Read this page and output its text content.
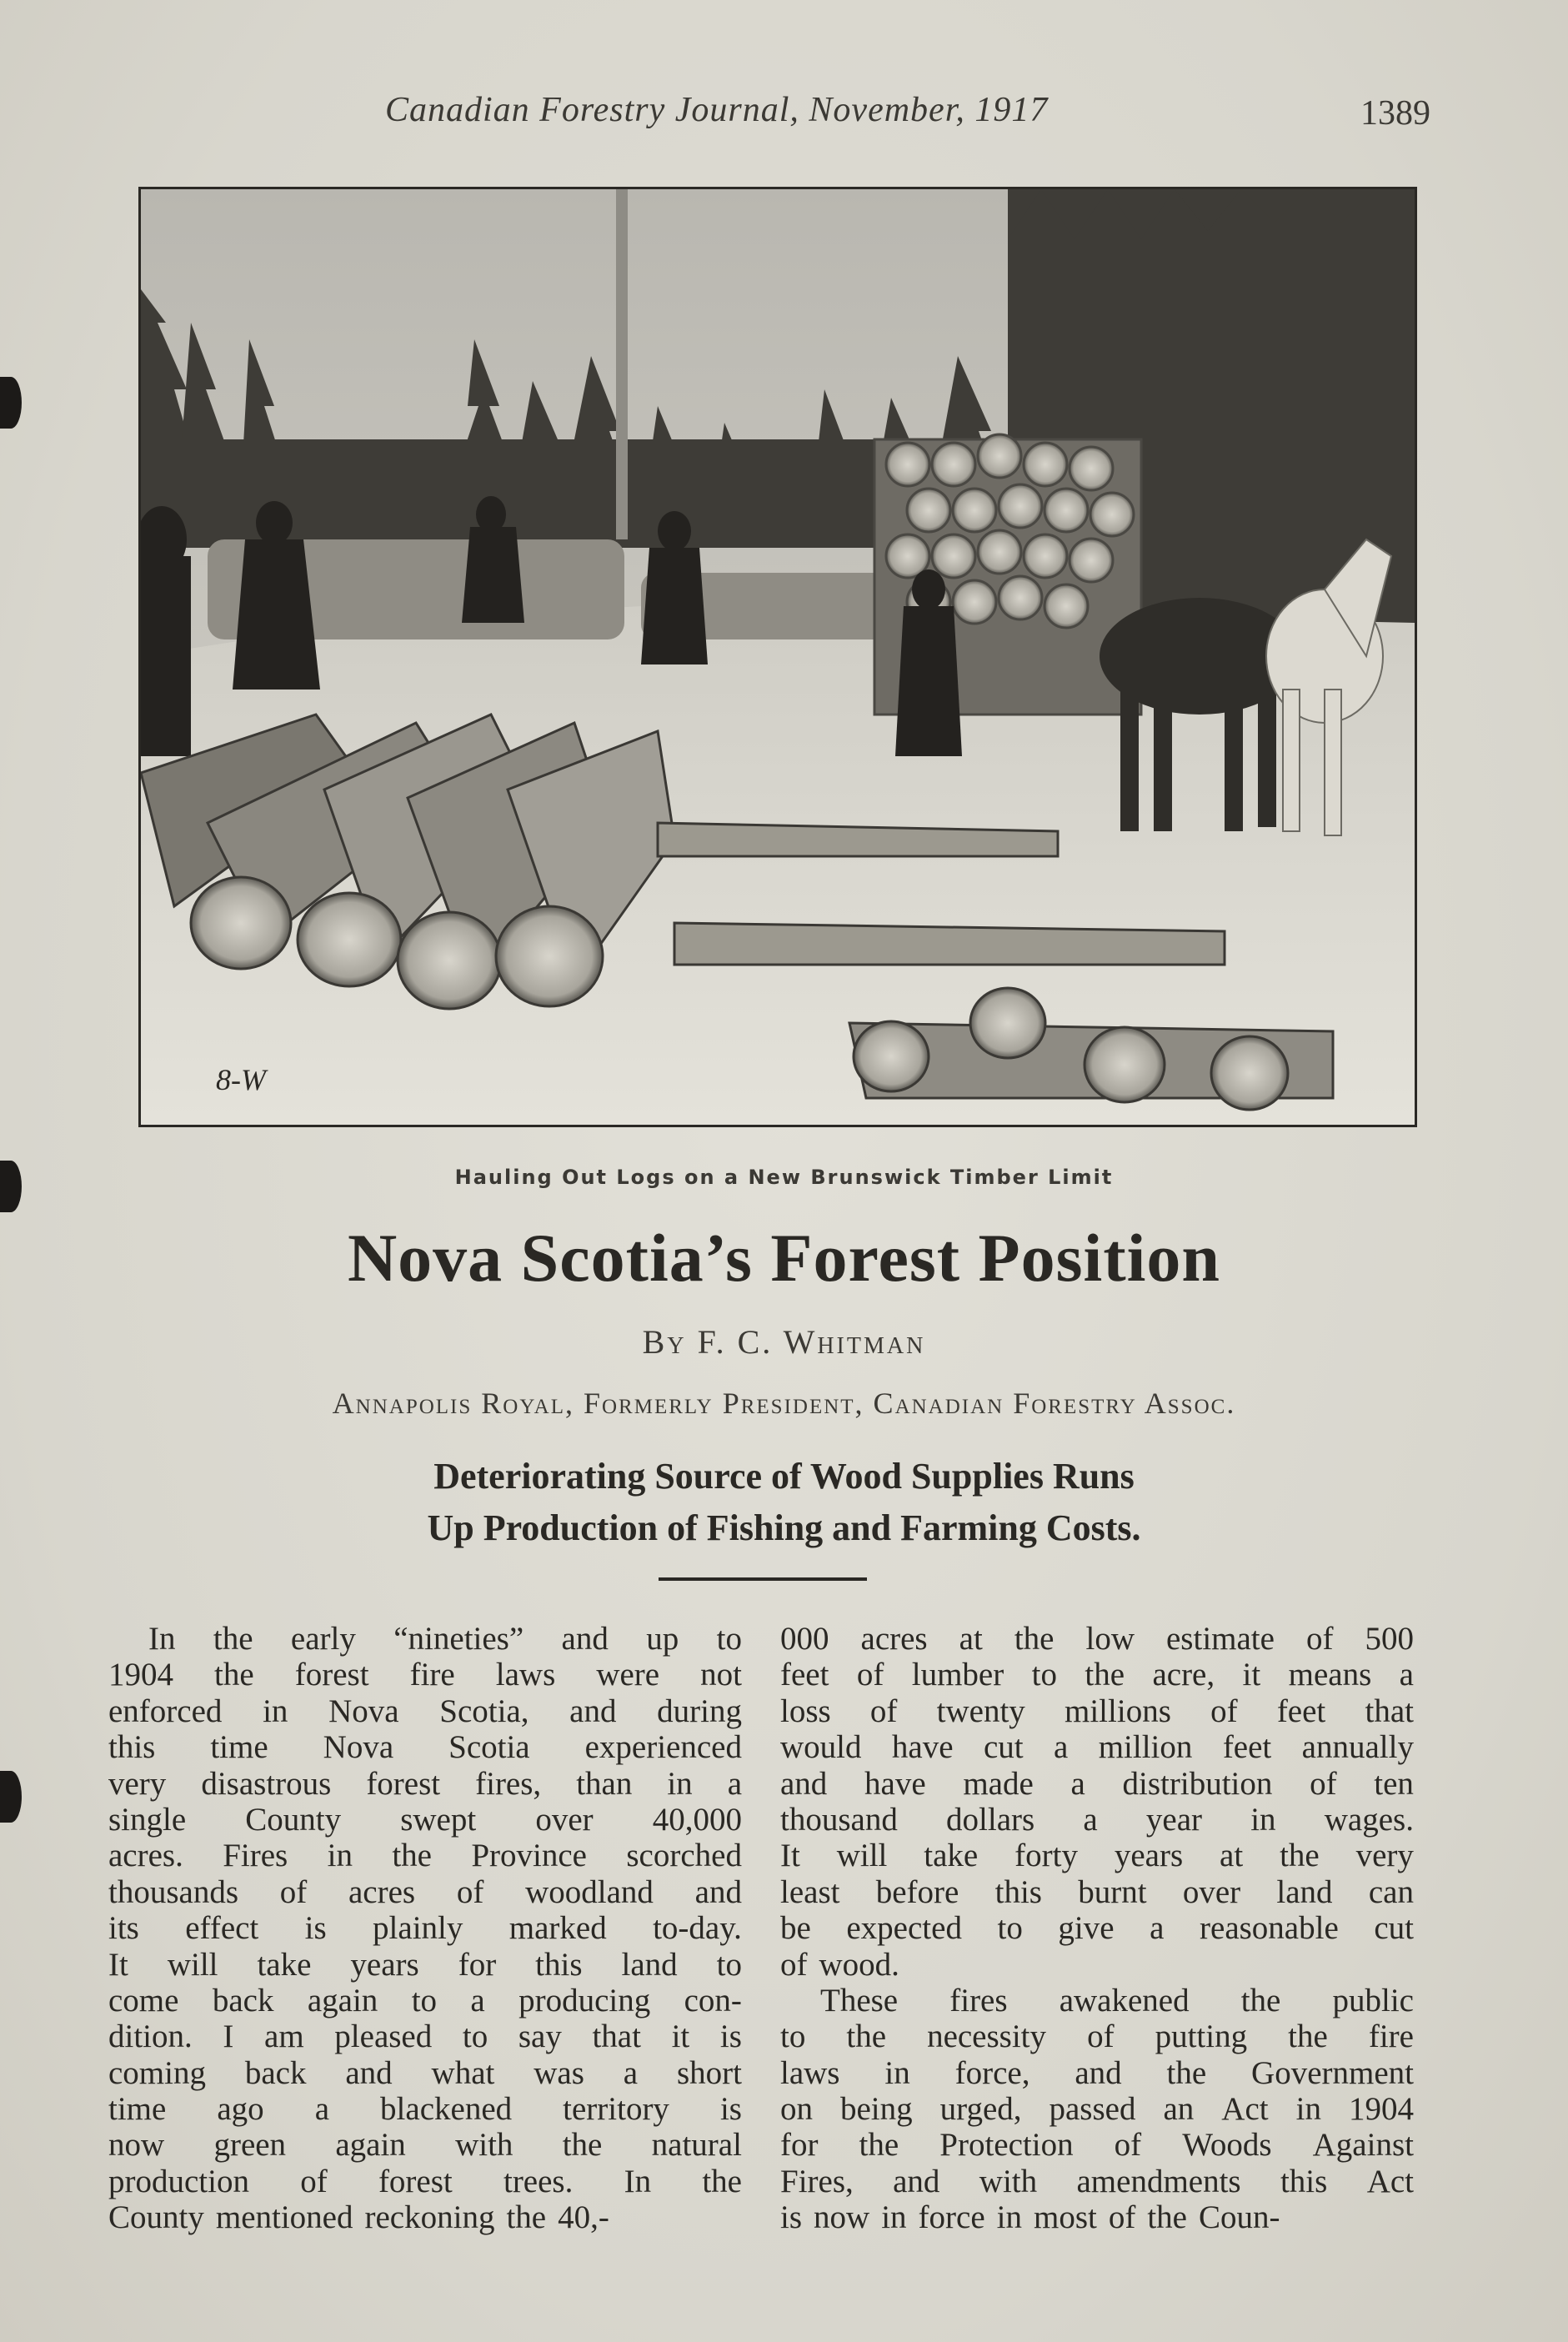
Canadian Forestry Journal, November, 1917	1389
8-W
Hauling Out Logs on a New Brunswick Timber Limit
Nova Scotia’s Forest Position
By F. C. Whitman
Annapolis Royal, Formerly President, Canadian Forestry Assoc.
Deteriorating Source of Wood Supplies Runs
Up Production of Fishing and Farming Costs.
In the early “nineties” and up to
1904 the forest fire laws were not
enforced in Nova Scotia, and during
this time Nova Scotia experienced
very disastrous forest fires, than in a
single County swept over 40,000
acres. Fires in the Province scorched
thousands of acres of woodland and
its effect is plainly marked to-day.
It will take years for this land to
come back again to a producing con-
dition. I am pleased to say that it is
coming back and what was a short
time ago a blackened territory is
now green again with the natural
production of forest trees. In the
County mentioned reckoning the 40,-
000 acres at the low estimate of 500
feet of lumber to the acre, it means a
loss of twenty millions of feet that
would have cut a million feet annually
and have made a distribution of ten
thousand dollars a year in wages.
It will take forty years at the very
least before this burnt over land can
be expected to give a reasonable cut
of wood.
These fires awakened the public
to the necessity of putting the fire
laws in force, and the Government
on being urged, passed an Act in 1904
for the Protection of Woods Against
Fires, and with amendments this Act
is now in force in most of the Coun-
